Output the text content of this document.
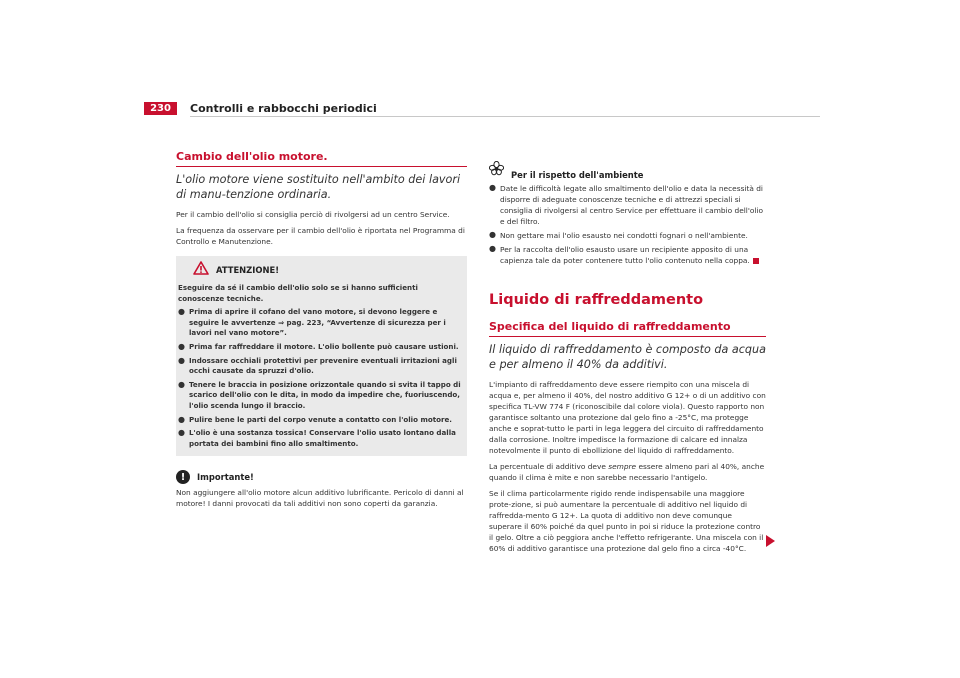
230	Controlli e rabbocchi periodici
Cambio dell'olio motore.
L'olio motore viene sostituito nell'ambito dei lavori di manu-tenzione ordinaria.

Per il cambio dell'olio si consiglia perciò di rivolgersi ad un centro Service.

La frequenza da osservare per il cambio dell'olio è riportata nel Programma di Controllo e Manutenzione.

ATTENZIONE!
Eseguire da sé il cambio dell'olio solo se si hanno sufficienti conoscenze tecniche.
● Prima di aprire il cofano del vano motore, si devono leggere e seguire le avvertenze ⇒ pag. 223, “Avvertenze di sicurezza per i lavori nel vano motore”.
● Prima far raffreddare il motore. L'olio bollente può causare ustioni.
● Indossare occhiali protettivi per prevenire eventuali irritazioni agli occhi causate da spruzzi d'olio.
● Tenere le braccia in posizione orizzontale quando si svita il tappo di scarico dell'olio con le dita, in modo da impedire che, fuoriuscendo, l'olio scenda lungo il braccio.
● Pulire bene le parti del corpo venute a contatto con l'olio motore.
● L'olio è una sostanza tossica! Conservare l'olio usato lontano dalla portata dei bambini fino allo smaltimento.
!	Importante!

Non aggiungere all'olio motore alcun additivo lubrificante. Pericolo di danni al motore! I danni provocati da tali additivi non sono coperti da garanzia.

Per il rispetto dell'ambiente
● Date le difficoltà legate allo smaltimento dell'olio e data la necessità di disporre di adeguate conoscenze tecniche e di attrezzi speciali si consiglia di rivolgersi al centro Service per effettuare il cambio dell'olio e del filtro.
● Non gettare mai l'olio esausto nei condotti fognari o nell'ambiente.
● Per la raccolta dell'olio esausto usare un recipiente apposito di una capienza tale da poter contenere tutto l'olio contenuto nella coppa.
Liquido di raffreddamento
Specifica del liquido di raffreddamento
Il liquido di raffreddamento è composto da acqua e per almeno il 40% da additivi.

L'impianto di raffreddamento deve essere riempito con una miscela di acqua e, per almeno il 40%, del nostro additivo G 12+ o di un additivo con specifica TL-VW 774 F (riconoscibile dal colore viola). Questo rapporto non garantisce soltanto una protezione dal gelo fino a -25°C, ma protegge anche e soprat-tutto le parti in lega leggera del circuito di raffreddamento dalla corrosione. Inoltre impedisce la formazione di calcare ed innalza notevolmente il punto di ebollizione del liquido di raffreddamento.

La percentuale di additivo deve sempre essere almeno pari al 40%, anche quando il clima è mite e non sarebbe necessario l'antigelo.

Se il clima particolarmente rigido rende indispensabile una maggiore prote-zione, si può aumentare la percentuale di additivo nel liquido di raffredda-mento G 12+. La quota di additivo non deve comunque superare il 60% poiché da quel punto in poi si riduce la protezione contro il gelo. Oltre a ciò peggiora anche l'effetto refrigerante. Una miscela con il 60% di additivo garantisce una protezione dal gelo fino a circa -40°C.
